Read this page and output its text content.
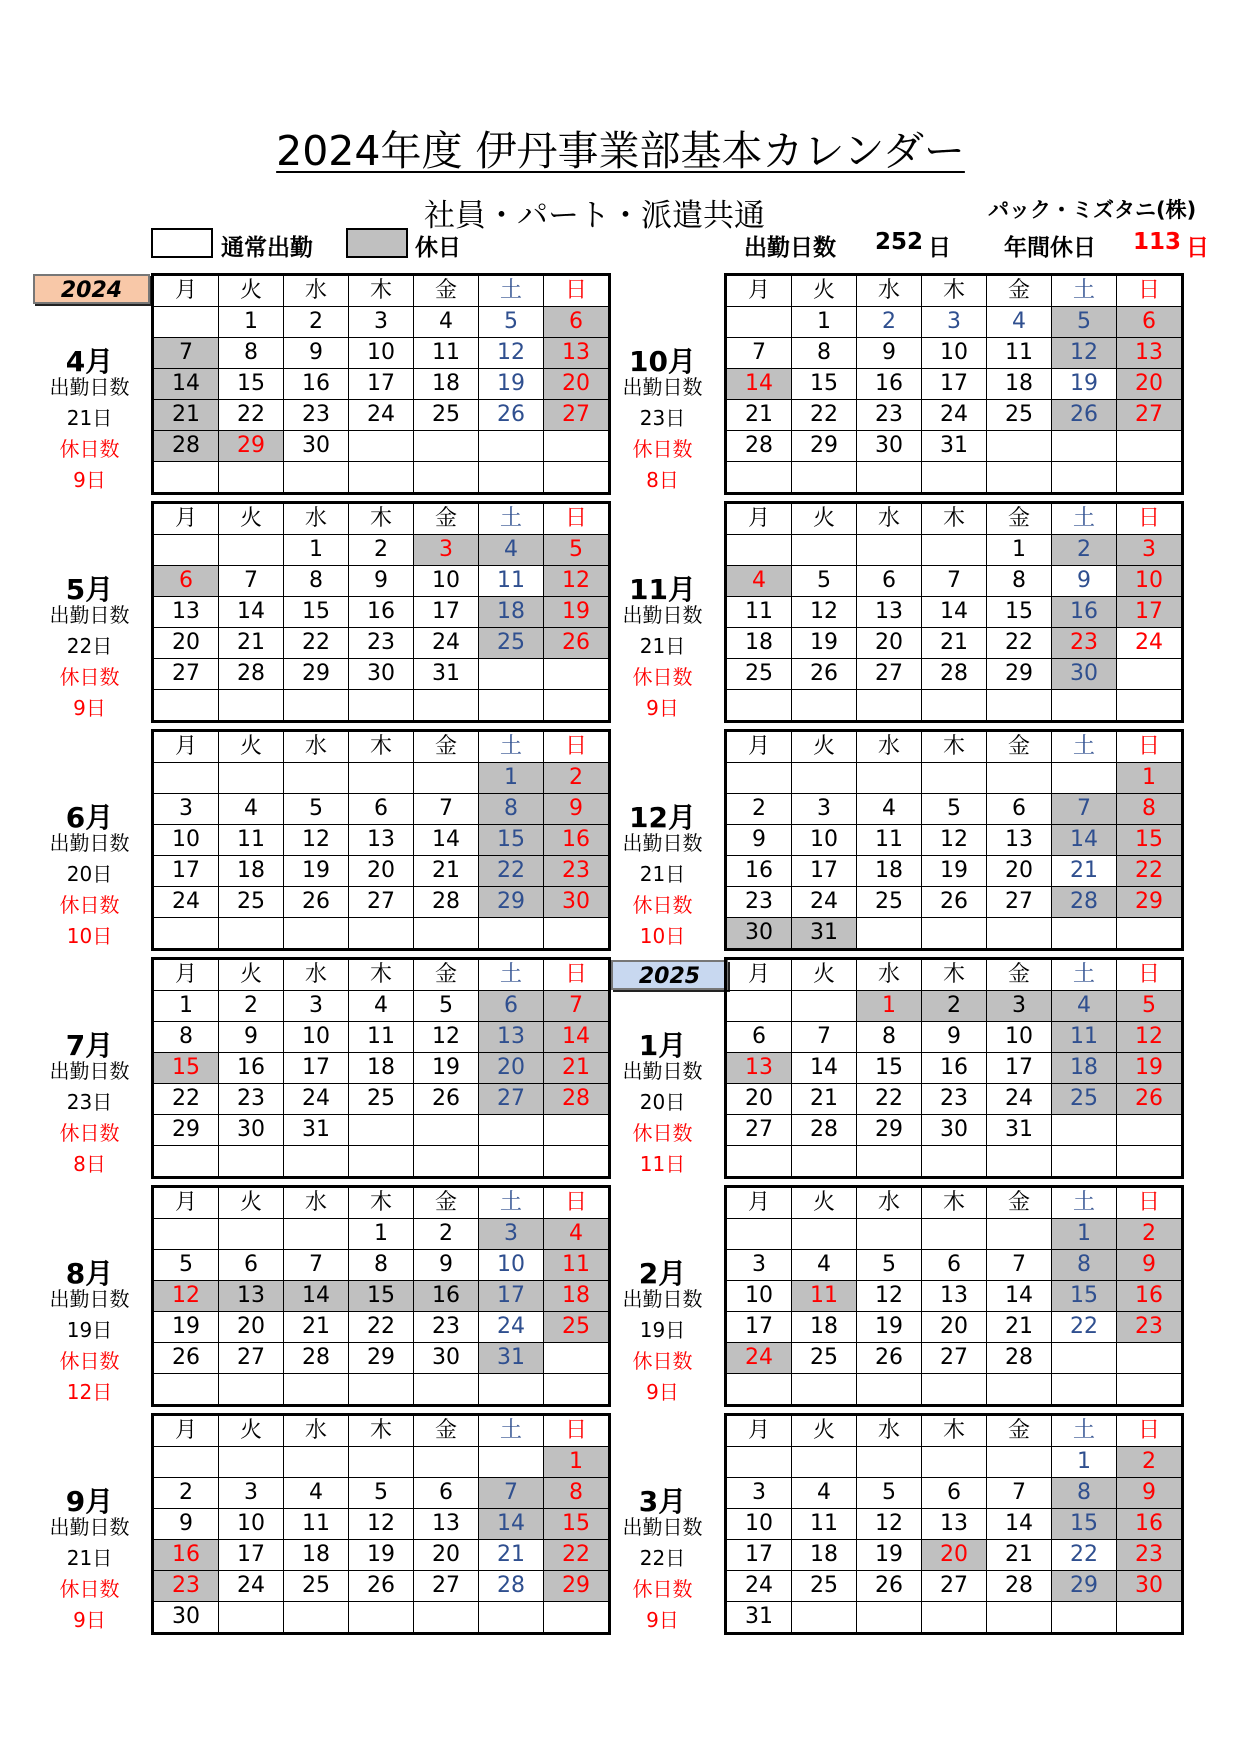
2024年度 伊丹事業部基本カレンダー
社員・パート・派遣共通	パック・ミズタニ(株)
通常出勤	休日	出勤日数 252 日 年間休日 113 日
2024
2025
4月
出勤日数
21日
休日数
9日
月	火	水	木	金	土	日
	1	2	3	4	5	6
7	8	9	10	11	12	13
14	15	16	17	18	19	20
21	22	23	24	25	26	27
28	29	30				

5月
出勤日数
22日
休日数
9日
月	火	水	木	金	土	日
		1	2	3	4	5
6	7	8	9	10	11	12
13	14	15	16	17	18	19
20	21	22	23	24	25	26
27	28	29	30	31		

6月
出勤日数
20日
休日数
10日
月	火	水	木	金	土	日
					1	2
3	4	5	6	7	8	9
10	11	12	13	14	15	16
17	18	19	20	21	22	23
24	25	26	27	28	29	30

7月
出勤日数
23日
休日数
8日
月	火	水	木	金	土	日
1	2	3	4	5	6	7
8	9	10	11	12	13	14
15	16	17	18	19	20	21
22	23	24	25	26	27	28
29	30	31				

8月
出勤日数
19日
休日数
12日
月	火	水	木	金	土	日
			1	2	3	4
5	6	7	8	9	10	11
12	13	14	15	16	17	18
19	20	21	22	23	24	25
26	27	28	29	30	31	

9月
出勤日数
21日
休日数
9日
月	火	水	木	金	土	日
						1
2	3	4	5	6	7	8
9	10	11	12	13	14	15
16	17	18	19	20	21	22
23	24	25	26	27	28	29
30						
10月
出勤日数
23日
休日数
8日
月	火	水	木	金	土	日
	1	2	3	4	5	6
7	8	9	10	11	12	13
14	15	16	17	18	19	20
21	22	23	24	25	26	27
28	29	30	31			

11月
出勤日数
21日
休日数
9日
月	火	水	木	金	土	日
				1	2	3
4	5	6	7	8	9	10
11	12	13	14	15	16	17
18	19	20	21	22	23	24
25	26	27	28	29	30	

12月
出勤日数
21日
休日数
10日
月	火	水	木	金	土	日
						1
2	3	4	5	6	7	8
9	10	11	12	13	14	15
16	17	18	19	20	21	22
23	24	25	26	27	28	29
30	31					
1月
出勤日数
20日
休日数
11日
月	火	水	木	金	土	日
		1	2	3	4	5
6	7	8	9	10	11	12
13	14	15	16	17	18	19
20	21	22	23	24	25	26
27	28	29	30	31		

2月
出勤日数
19日
休日数
9日
月	火	水	木	金	土	日
					1	2
3	4	5	6	7	8	9
10	11	12	13	14	15	16
17	18	19	20	21	22	23
24	25	26	27	28		

3月
出勤日数
22日
休日数
9日
月	火	水	木	金	土	日
					1	2
3	4	5	6	7	8	9
10	11	12	13	14	15	16
17	18	19	20	21	22	23
24	25	26	27	28	29	30
31						
